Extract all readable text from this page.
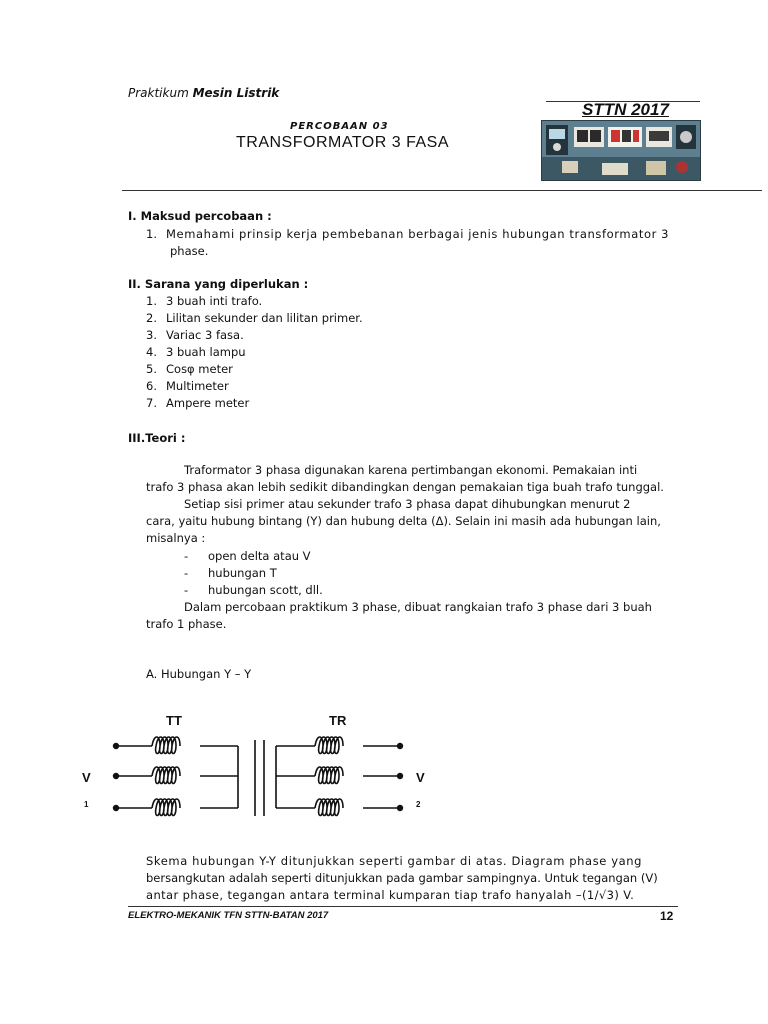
Praktikum Mesin Listrik
STTN 2017
PERCOBAAN 03
TRANSFORMATOR 3 FASA
I. Maksud percobaan :
1. Memahami prinsip kerja pembebanan berbagai jenis hubungan transformator 3
phase.
II. Sarana yang diperlukan :
1. 3 buah inti trafo.
2. Lilitan sekunder dan lilitan primer.
3. Variac 3 fasa.
4. 3 buah lampu
5. Cosφ meter
6. Multimeter
7. Ampere meter
III.Teori :
Traformator 3 phasa digunakan karena pertimbangan ekonomi. Pemakaian inti
trafo 3 phasa akan lebih sedikit dibandingkan dengan pemakaian tiga buah trafo tunggal.
Setiap sisi primer atau sekunder trafo 3 phasa dapat dihubungkan menurut 2
cara, yaitu hubung bintang (Y) dan hubung delta (Δ). Selain ini masih ada hubungan lain,
misalnya :
- open delta atau V
- hubungan T
- hubungan scott, dll.
Dalam percobaan praktikum 3 phase, dibuat rangkaian trafo 3 phase dari 3 buah
trafo 1 phase.
A. Hubungan Y – Y
TT	TR
V
1
V
2
Skema hubungan Y-Y ditunjukkan seperti gambar di atas. Diagram phase yang
bersangkutan adalah seperti ditunjukkan pada gambar sampingnya. Untuk tegangan (V)
antar phase, tegangan antara terminal kumparan tiap trafo hanyalah –(1/√3) V.
ELEKTRO-MEKANIK TFN STTN-BATAN 2017	12
